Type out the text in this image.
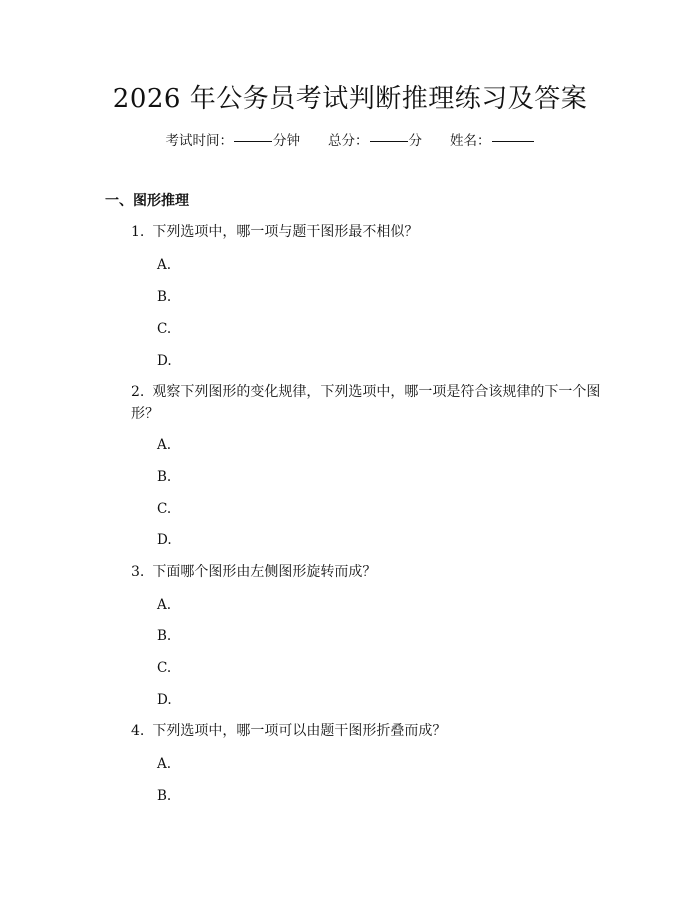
2026 年公务员考试判断推理练习及答案
考试时间：	分钟 总分：	分 姓名：
一、图形推理
1. 下列选项中，哪一项与题干图形最不相似？
A.
B.
C.
D.
2. 观察下列图形的变化规律，下列选项中，哪一项是符合该规律的下一个图形？
A.
B.
C.
D.
3. 下面哪个图形由左侧图形旋转而成？
A.
B.
C.
D.
4. 下列选项中，哪一项可以由题干图形折叠而成？
A.
B.
